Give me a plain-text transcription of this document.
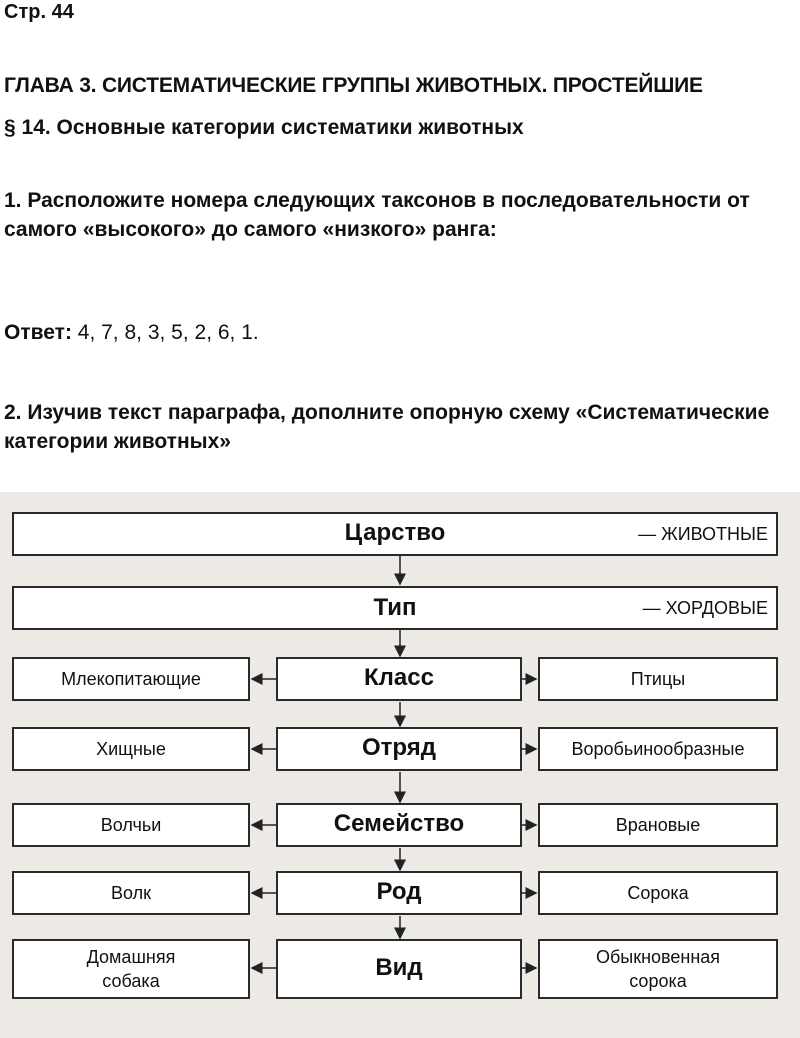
Стр. 44

ГЛАВА 3. СИСТЕМАТИЧЕСКИЕ ГРУППЫ ЖИВОТНЫХ. ПРОСТЕЙШИЕ

§ 14. Основные категории систематики животных

1. Расположите номера следующих таксонов в последовательности от самого «высокого» до самого «низкого» ранга:

Ответ: 4, 7, 8, 3, 5, 2, 6, 1.

2. Изучив текст параграфа, дополните опорную схему «Систематические категории животных»

Царство	— ЖИВОТНЫЕ
Тип	— ХОРДОВЫЕ
Млекопитающие	Класс	Птицы
Хищные	Отряд	Воробьинообразные
Волчьи	Семейство	Врановые
Волк	Род	Сорока
Домашняя собака	Вид	Обыкновенная сорока
